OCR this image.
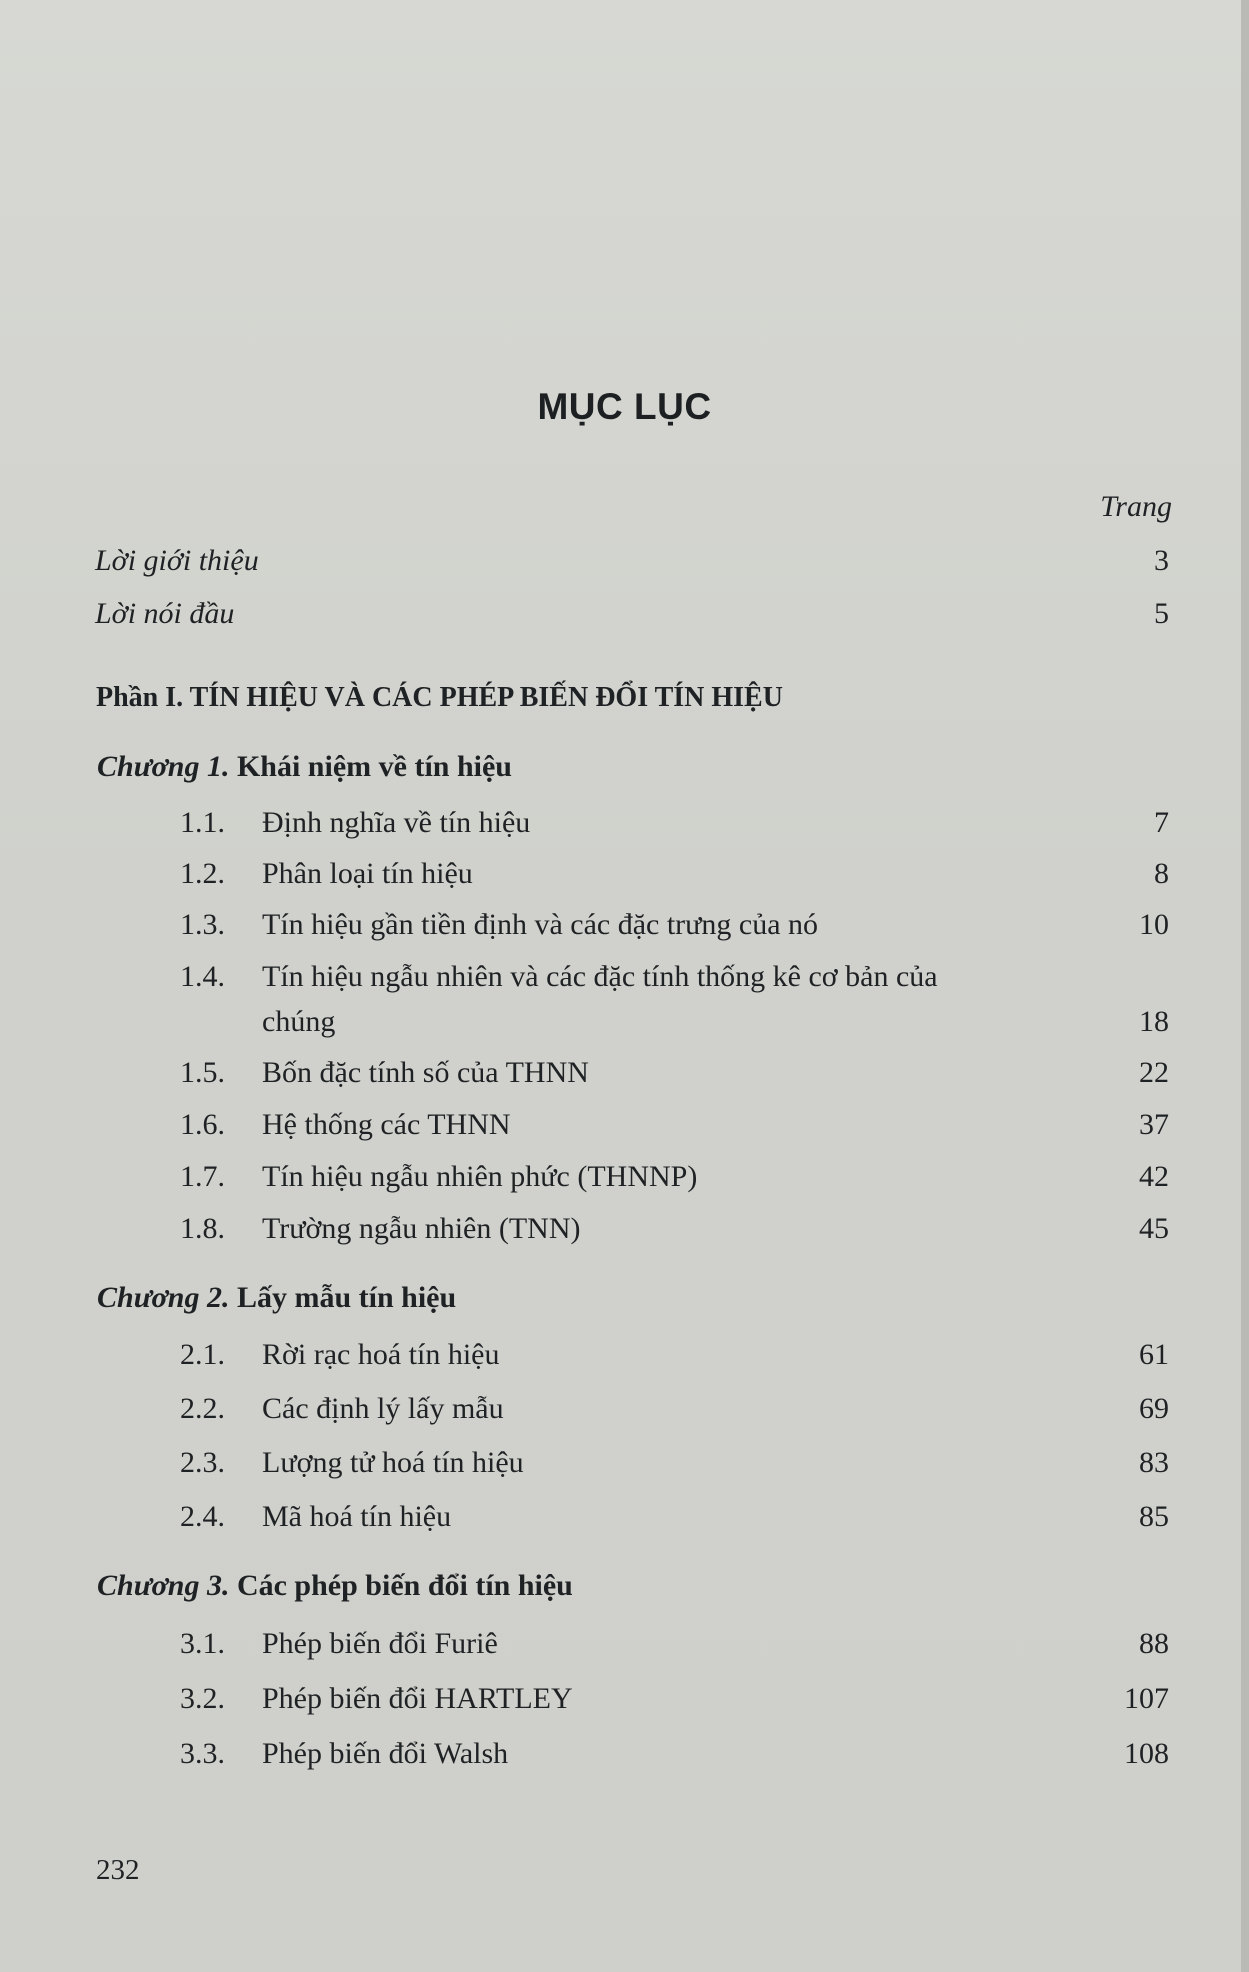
MỤC LỤC
Trang
Lời giới thiệu	3
Lời nói đầu	5
Phần I. TÍN HIỆU VÀ CÁC PHÉP BIẾN ĐỔI TÍN HIỆU
Chương 1. Khái niệm về tín hiệu
1.1. Định nghĩa về tín hiệu	7
1.2. Phân loại tín hiệu	8
1.3. Tín hiệu gần tiền định và các đặc trưng của nó	10
1.4. Tín hiệu ngẫu nhiên và các đặc tính thống kê cơ bản của
chúng	18
1.5. Bốn đặc tính số của THNN	22
1.6. Hệ thống các THNN	37
1.7. Tín hiệu ngẫu nhiên phức (THNNP)	42
1.8. Trường ngẫu nhiên (TNN)	45
Chương 2. Lấy mẫu tín hiệu
2.1. Rời rạc hoá tín hiệu	61
2.2. Các định lý lấy mẫu	69
2.3. Lượng tử hoá tín hiệu	83
2.4. Mã hoá tín hiệu	85
Chương 3. Các phép biến đổi tín hiệu
3.1. Phép biến đổi Furiê	88
3.2. Phép biến đổi HARTLEY	107
3.3. Phép biến đổi Walsh	108
232
